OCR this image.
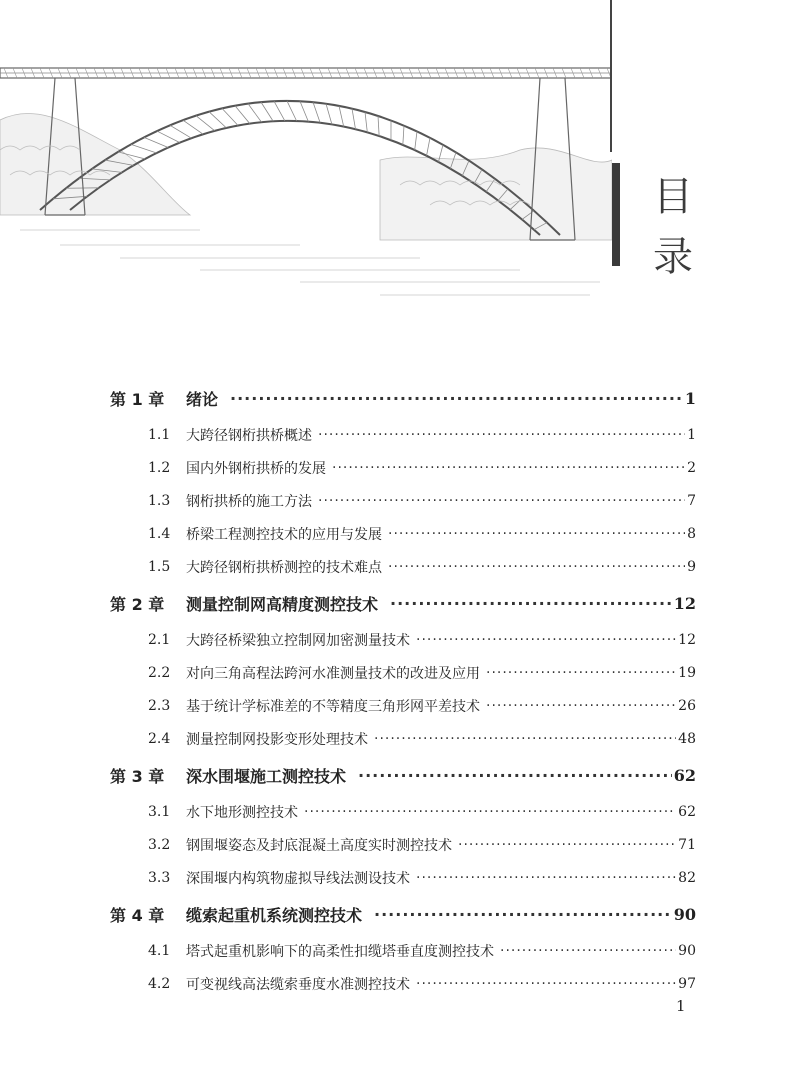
目
录
第 1 章	绪论 ·····	1
1.1	大跨径钢桁拱桥概述 ·····	1
1.2	国内外钢桁拱桥的发展 ·····	2
1.3	钢桁拱桥的施工方法 ·····	7
1.4	桥梁工程测控技术的应用与发展 ·····	8
1.5	大跨径钢桁拱桥测控的技术难点 ·····	9
第 2 章	测量控制网高精度测控技术 ·····	12
2.1	大跨径桥梁独立控制网加密测量技术 ·····	12
2.2	对向三角高程法跨河水准测量技术的改进及应用 ·····	19
2.3	基于统计学标准差的不等精度三角形网平差技术 ·····	26
2.4	测量控制网投影变形处理技术 ·····	48
第 3 章	深水围堰施工测控技术 ·····	62
3.1	水下地形测控技术 ·····	62
3.2	钢围堰姿态及封底混凝土高度实时测控技术 ·····	71
3.3	深围堰内构筑物虚拟导线法测设技术 ·····	82
第 4 章	缆索起重机系统测控技术 ·····	90
4.1	塔式起重机影响下的高柔性扣缆塔垂直度测控技术 ·····	90
4.2	可变视线高法缆索垂度水准测控技术 ·····	97
1
